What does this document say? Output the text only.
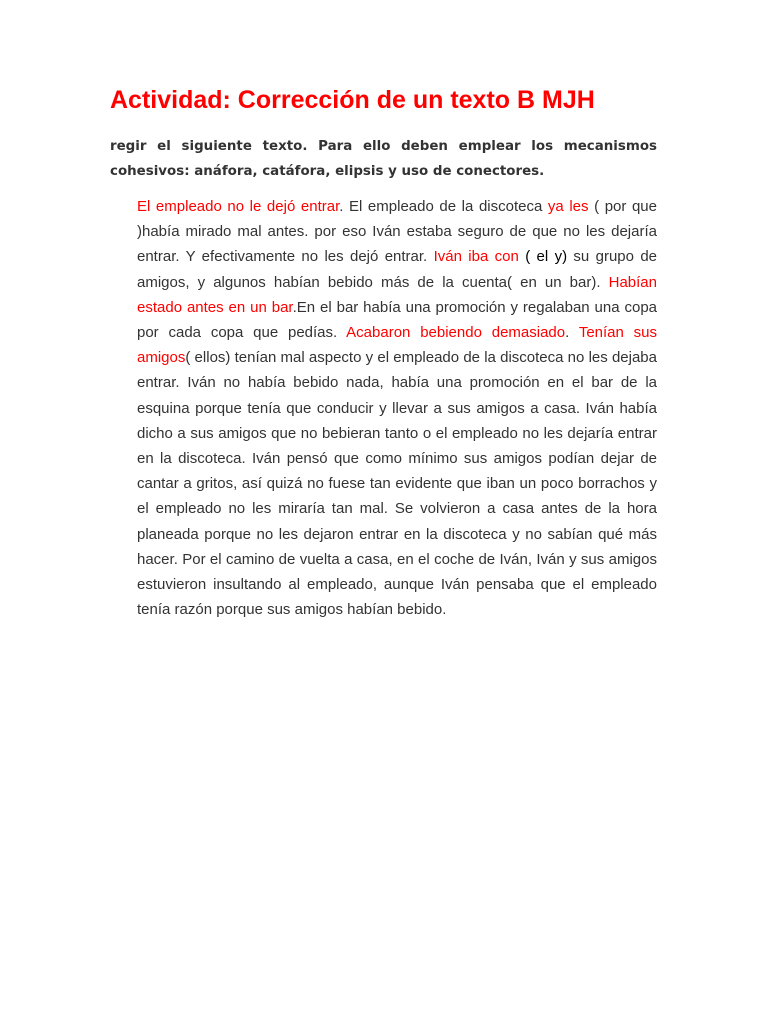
Actividad: Corrección de un texto B MJH

regir el siguiente texto. Para ello deben emplear los mecanismos cohesivos: anáfora, catáfora, elipsis y uso de conectores.

El empleado no le dejó entrar. El empleado de la discoteca ya les ( por que )había mirado mal antes. por eso Iván estaba seguro de que no les dejaría entrar. Y efectivamente no les dejó entrar. Iván iba con ( el y) su grupo de amigos, y algunos habían bebido más de la cuenta( en un bar). Habían estado antes en un bar.En el bar había una promoción y regalaban una copa por cada copa que pedías. Acabaron bebiendo demasiado. Tenían sus amigos( ellos) tenían mal aspecto y el empleado de la discoteca no les dejaba entrar. Iván no había bebido nada, había una promoción en el bar de la esquina porque tenía que conducir y llevar a sus amigos a casa. Iván había dicho a sus amigos que no bebieran tanto o el empleado no les dejaría entrar en la discoteca. Iván pensó que como mínimo sus amigos podían dejar de cantar a gritos, así quizá no fuese tan evidente que iban un poco borrachos y el empleado no les miraría tan mal. Se volvieron a casa antes de la hora planeada porque no les dejaron entrar en la discoteca y no sabían qué más hacer. Por el camino de vuelta a casa, en el coche de Iván, Iván y sus amigos estuvieron insultando al empleado, aunque Iván pensaba que el empleado tenía razón porque sus amigos habían bebido.
